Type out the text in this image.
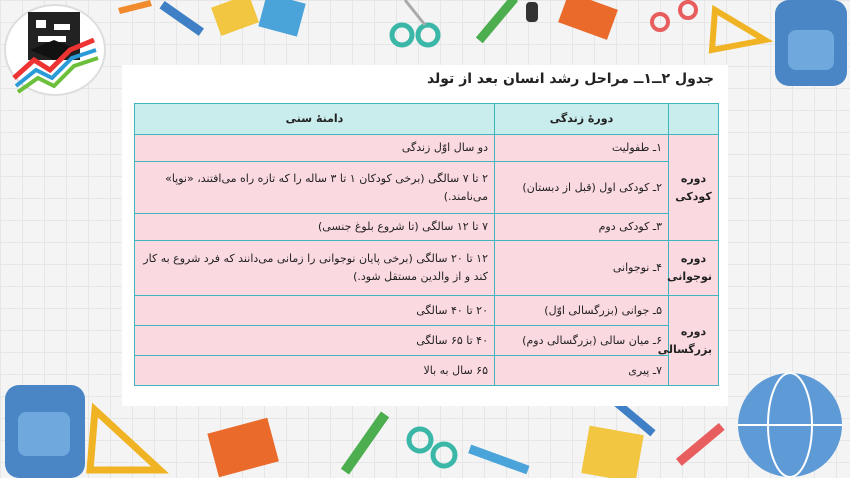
جدول ۲ــ۱ــ مراحل رشد انسان بعد از تولد
	دورهٔ زندگی	دامنهٔ سنی
دوره کودکی	۱ـ طفولیت	دو سال اوّل زندگی
	۲ـ کودکی اول (قبل از دبستان)	۲ تا ۷ سالگی (برخی کودکان ۱ تا ۳ ساله را که تازه راه می‌افتند، «نوپا» می‌نامند.)
	۳ـ کودکی دوم	۷ تا ۱۲ سالگی (تا شروع بلوغ جنسی)
دوره نوجوانی	۴ـ نوجوانی	۱۲ تا ۲۰ سالگی (برخی پایان نوجوانی را زمانی می‌دانند که فرد شروع به کار کند و از والدین مستقل شود.)
دوره بزرگسالی	۵ـ جوانی (بزرگسالی اوّل)	۲۰ تا ۴۰ سالگی
	۶ـ میان سالی (بزرگسالی دوم)	۴۰ تا ۶۵ سالگی
	۷ـ پیری	۶۵ سال به بالا
